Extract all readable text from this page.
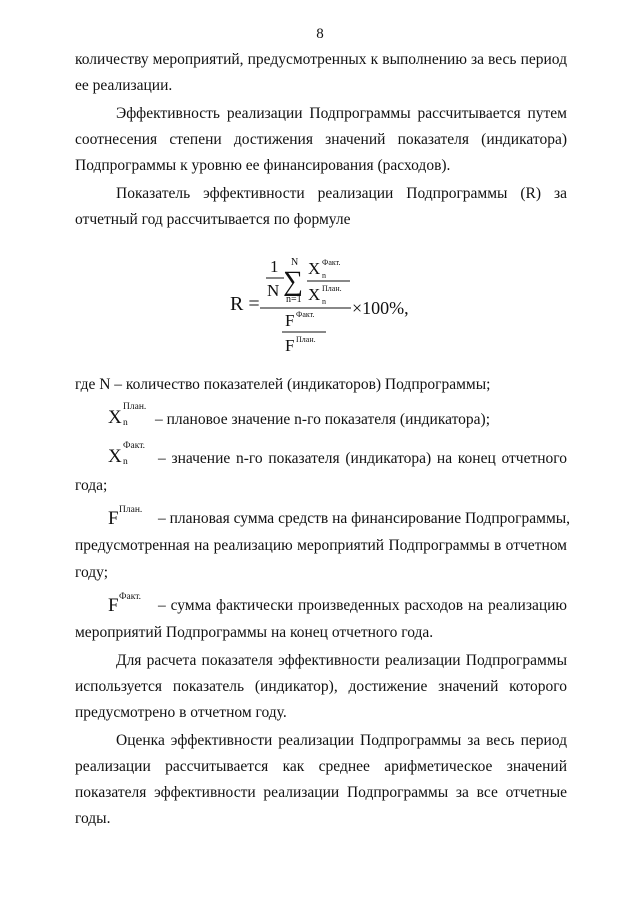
8
количеству мероприятий, предусмотренных к выполнению за весь период
ее реализации.
Эффективность реализации Подпрограммы рассчитывается путем
соотнесения степени достижения значений показателя (индикатора)
Подпрограммы к уровню ее финансирования (расходов).
Показатель эффективности реализации Подпрограммы (R) за
отчетный год рассчитывается по формуле
R =
1
N
N
∑
n=1
X Факт.
n
X План.
n
F Факт.
F План.
×100%,
где N – количество показателей (индикаторов) Подпрограммы;
X План.
n – плановое значение n-го показателя (индикатора);
X Факт.
n – значение n-го показателя (индикатора) на конец отчетного
года;
F План. – плановая сумма средств на финансирование Подпрограммы,
предусмотренная на реализацию мероприятий Подпрограммы в отчетном
году;
F Факт. – сумма фактически произведенных расходов на реализацию
мероприятий Подпрограммы на конец отчетного года.
Для расчета показателя эффективности реализации Подпрограммы
используется показатель (индикатор), достижение значений которого
предусмотрено в отчетном году.
Оценка эффективности реализации Подпрограммы за весь период
реализации рассчитывается как среднее арифметическое значений
показателя эффективности реализации Подпрограммы за все отчетные
годы.
